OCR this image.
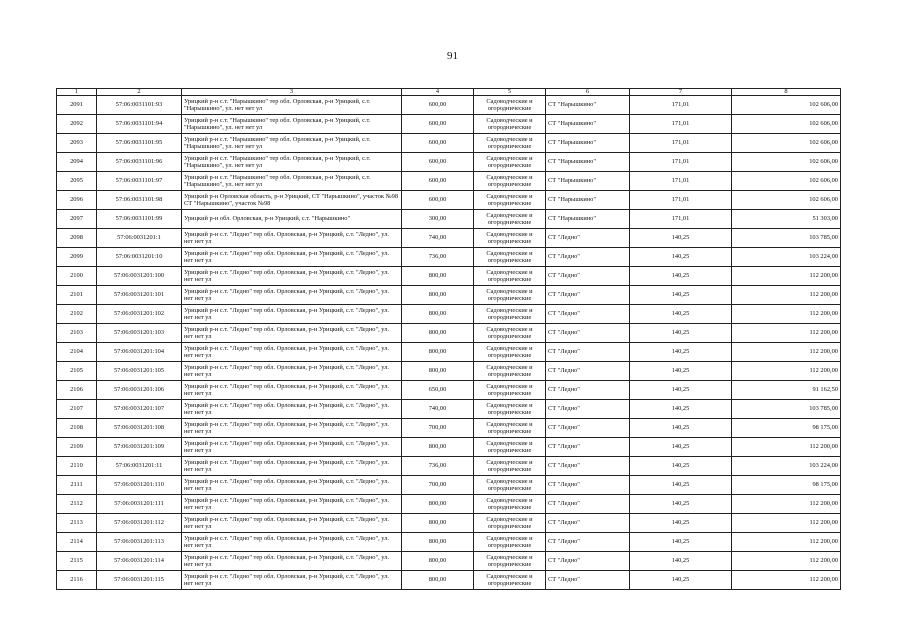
91
1	2	3	4	5	6	7	8
2091	57:06:0031101:93	Урицкий р-н с.т. "Нарышкино" тер обл. Орловская, р-н Урицкий, с.т. "Нарышкино", ул. нет нет ул	600,00	Садоводческие и огороднические	СТ "Нарышкино"	171,01	102 606,00
2092	57:06:0031101:94	Урицкий р-н с.т. "Нарышкино" тер обл. Орловская, р-н Урицкий, с.т. "Нарышкино", ул. нет нет ул	600,00	Садоводческие и огороднические	СТ "Нарышкино"	171,01	102 606,00
2093	57:06:0031101:95	Урицкий р-н с.т. "Нарышкино" тер обл. Орловская, р-н Урицкий, с.т. "Нарышкино", ул. нет нет ул	600,00	Садоводческие и огороднические	СТ "Нарышкино"	171,01	102 606,00
2094	57:06:0031101:96	Урицкий р-н с.т. "Нарышкино" тер обл. Орловская, р-н Урицкий, с.т. "Нарышкино", ул. нет нет ул	600,00	Садоводческие и огороднические	СТ "Нарышкино"	171,01	102 606,00
2095	57:06:0031101:97	Урицкий р-н с.т. "Нарышкино" тер обл. Орловская, р-н Урицкий, с.т. "Нарышкино", ул. нет нет ул	600,00	Садоводческие и огороднические	СТ "Нарышкино"	171,01	102 606,00
2096	57:06:0031101:98	Урицкий р-н Орловская область, р-н Урицкий, СТ "Нарышкино", участок №98 СТ "Нарышкино", участок №98	600,00	Садоводческие и огороднические	СТ "Нарышкино"	171,01	102 606,00
2097	57:06:0031101:99	Урицкий р-н обл. Орловская, р-н Урицкий, с.т. "Нарышкино"	300,00	Садоводческие и огороднические	СТ "Нарышкино"	171,01	51 303,00
2098	57:06:0031201:1	Урицкий р-н с.т. "Ледно" тер обл. Орловская, р-н Урицкий, с.т. "Ледно", ул. нет нет ул	740,00	Садоводческие и огороднические	СТ "Ледно"	140,25	103 785,00
2099	57:06:0031201:10	Урицкий р-н с.т. "Ледно" тер обл. Орловская, р-н Урицкий, с.т. "Ледно", ул. нет нет ул	736,00	Садоводческие и огороднические	СТ "Ледно"	140,25	103 224,00
2100	57:06:0031201:100	Урицкий р-н с.т. "Ледно" тер обл. Орловская, р-н Урицкий, с.т. "Ледно", ул. нет нет ул	800,00	Садоводческие и огороднические	СТ "Ледно"	140,25	112 200,00
2101	57:06:0031201:101	Урицкий р-н с.т. "Ледно" тер обл. Орловская, р-н Урицкий, с.т. "Ледно", ул. нет нет ул	800,00	Садоводческие и огороднические	СТ "Ледно"	140,25	112 200,00
2102	57:06:0031201:102	Урицкий р-н с.т. "Ледно" тер обл. Орловская, р-н Урицкий, с.т. "Ледно", ул. нет нет ул	800,00	Садоводческие и огороднические	СТ "Ледно"	140,25	112 200,00
2103	57:06:0031201:103	Урицкий р-н с.т. "Ледно" тер обл. Орловская, р-н Урицкий, с.т. "Ледно", ул. нет нет ул	800,00	Садоводческие и огороднические	СТ "Ледно"	140,25	112 200,00
2104	57:06:0031201:104	Урицкий р-н с.т. "Ледно" тер обл. Орловская, р-н Урицкий, с.т. "Ледно", ул. нет нет ул	800,00	Садоводческие и огороднические	СТ "Ледно"	140,25	112 200,00
2105	57:06:0031201:105	Урицкий р-н с.т. "Ледно" тер обл. Орловская, р-н Урицкий, с.т. "Ледно", ул. нет нет ул	800,00	Садоводческие и огороднические	СТ "Ледно"	140,25	112 200,00
2106	57:06:0031201:106	Урицкий р-н с.т. "Ледно" тер обл. Орловская, р-н Урицкий, с.т. "Ледно", ул. нет нет ул	650,00	Садоводческие и огороднические	СТ "Ледно"	140,25	91 162,50
2107	57:06:0031201:107	Урицкий р-н с.т. "Ледно" тер обл. Орловская, р-н Урицкий, с.т. "Ледно", ул. нет нет ул	740,00	Садоводческие и огороднические	СТ "Ледно"	140,25	103 785,00
2108	57:06:0031201:108	Урицкий р-н с.т. "Ледно" тер обл. Орловская, р-н Урицкий, с.т. "Ледно", ул. нет нет ул	700,00	Садоводческие и огороднические	СТ "Ледно"	140,25	98 175,00
2109	57:06:0031201:109	Урицкий р-н с.т. "Ледно" тер обл. Орловская, р-н Урицкий, с.т. "Ледно", ул. нет нет ул	800,00	Садоводческие и огороднические	СТ "Ледно"	140,25	112 200,00
2110	57:06:0031201:11	Урицкий р-н с.т. "Ледно" тер обл. Орловская, р-н Урицкий, с.т. "Ледно", ул. нет нет ул	736,00	Садоводческие и огороднические	СТ "Ледно"	140,25	103 224,00
2111	57:06:0031201:110	Урицкий р-н с.т. "Ледно" тер обл. Орловская, р-н Урицкий, с.т. "Ледно", ул. нет нет ул	700,00	Садоводческие и огороднические	СТ "Ледно"	140,25	98 175,00
2112	57:06:0031201:111	Урицкий р-н с.т. "Ледно" тер обл. Орловская, р-н Урицкий, с.т. "Ледно", ул. нет нет ул	800,00	Садоводческие и огороднические	СТ "Ледно"	140,25	112 200,00
2113	57:06:0031201:112	Урицкий р-н с.т. "Ледно" тер обл. Орловская, р-н Урицкий, с.т. "Ледно", ул. нет нет ул	800,00	Садоводческие и огороднические	СТ "Ледно"	140,25	112 200,00
2114	57:06:0031201:113	Урицкий р-н с.т. "Ледно" тер обл. Орловская, р-н Урицкий, с.т. "Ледно", ул. нет нет ул	800,00	Садоводческие и огороднические	СТ "Ледно"	140,25	112 200,00
2115	57:06:0031201:114	Урицкий р-н с.т. "Ледно" тер обл. Орловская, р-н Урицкий, с.т. "Ледно", ул. нет нет ул	800,00	Садоводческие и огороднические	СТ "Ледно"	140,25	112 200,00
2116	57:06:0031201:115	Урицкий р-н с.т. "Ледно" тер обл. Орловская, р-н Урицкий, с.т. "Ледно", ул. нет нет ул	800,00	Садоводческие и огороднические	СТ "Ледно"	140,25	112 200,00
